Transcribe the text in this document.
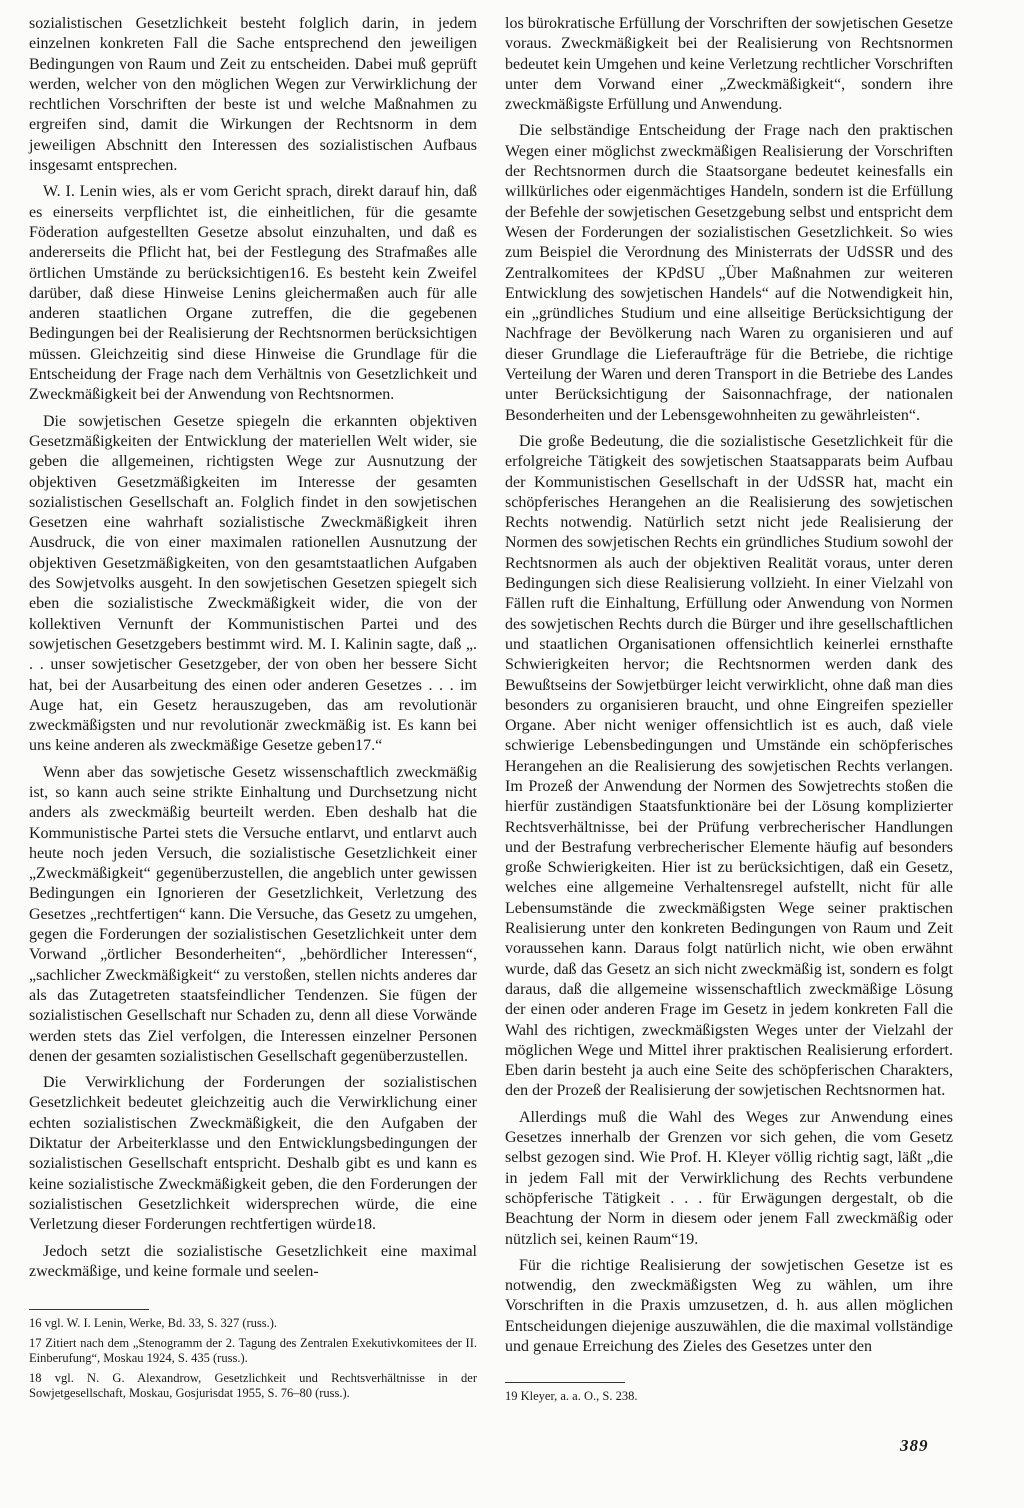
sozialistischen Gesetzlichkeit besteht folglich darin, in jedem einzelnen konkreten Fall die Sache entsprechend den jeweiligen Bedingungen von Raum und Zeit zu entscheiden. Dabei muß geprüft werden, welcher von den möglichen Wegen zur Verwirklichung der rechtlichen Vorschriften der beste ist und welche Maßnahmen zu ergreifen sind, damit die Wirkungen der Rechtsnorm in dem jeweiligen Abschnitt den Interessen des sozialistischen Aufbaus insgesamt entsprechen.

W. I. Lenin wies, als er vom Gericht sprach, direkt darauf hin, daß es einerseits verpflichtet ist, die einheitlichen, für die gesamte Föderation aufgestellten Gesetze absolut einzuhalten, und daß es andererseits die Pflicht hat, bei der Festlegung des Strafmaßes alle örtlichen Umstände zu berücksichtigen16. Es besteht kein Zweifel darüber, daß diese Hinweise Lenins gleichermaßen auch für alle anderen staatlichen Organe zutreffen, die die gegebenen Bedingungen bei der Realisierung der Rechtsnormen berücksichtigen müssen. Gleichzeitig sind diese Hinweise die Grundlage für die Entscheidung der Frage nach dem Verhältnis von Gesetzlichkeit und Zweckmäßigkeit bei der Anwendung von Rechtsnormen.

Die sowjetischen Gesetze spiegeln die erkannten objektiven Gesetzmäßigkeiten der Entwicklung der materiellen Welt wider, sie geben die allgemeinen, richtigsten Wege zur Ausnutzung der objektiven Gesetzmäßigkeiten im Interesse der gesamten sozialistischen Gesellschaft an. Folglich findet in den sowjetischen Gesetzen eine wahrhaft sozialistische Zweckmäßigkeit ihren Ausdruck, die von einer maximalen rationellen Ausnutzung der objektiven Gesetzmäßigkeiten, von den gesamtstaatlichen Aufgaben des Sowjetvolks ausgeht. In den sowjetischen Gesetzen spiegelt sich eben die sozialistische Zweckmäßigkeit wider, die von der kollektiven Vernunft der Kommunistischen Partei und des sowjetischen Gesetzgebers bestimmt wird. M. I. Kalinin sagte, daß „. . . unser sowjetischer Gesetzgeber, der von oben her bessere Sicht hat, bei der Ausarbeitung des einen oder anderen Gesetzes . . . im Auge hat, ein Gesetz herauszugeben, das am revolutionär zweckmäßigsten und nur revolutionär zweckmäßig ist. Es kann bei uns keine anderen als zweckmäßige Gesetze geben17.“

Wenn aber das sowjetische Gesetz wissenschaftlich zweckmäßig ist, so kann auch seine strikte Einhaltung und Durchsetzung nicht anders als zweckmäßig beurteilt werden. Eben deshalb hat die Kommunistische Partei stets die Versuche entlarvt, und entlarvt auch heute noch jeden Versuch, die sozialistische Gesetzlichkeit einer „Zweckmäßigkeit“ gegenüberzustellen, die angeblich unter gewissen Bedingungen ein Ignorieren der Gesetzlichkeit, Verletzung des Gesetzes „rechtfertigen“ kann. Die Versuche, das Gesetz zu umgehen, gegen die Forderungen der sozialistischen Gesetzlichkeit unter dem Vorwand „örtlicher Besonderheiten“, „behördlicher Interessen“, „sachlicher Zweckmäßigkeit“ zu verstoßen, stellen nichts anderes dar als das Zutagetreten staatsfeindlicher Tendenzen. Sie fügen der sozialistischen Gesellschaft nur Schaden zu, denn all diese Vorwände werden stets das Ziel verfolgen, die Interessen einzelner Personen denen der gesamten sozialistischen Gesellschaft gegenüberzustellen.

Die Verwirklichung der Forderungen der sozialistischen Gesetzlichkeit bedeutet gleichzeitig auch die Verwirklichung einer echten sozialistischen Zweckmäßigkeit, die den Aufgaben der Diktatur der Arbeiterklasse und den Entwicklungsbedingungen der sozialistischen Gesellschaft entspricht. Deshalb gibt es und kann es keine sozialistische Zweckmäßigkeit geben, die den Forderungen der sozialistischen Gesetzlichkeit widersprechen würde, die eine Verletzung dieser Forderungen rechtfertigen würde18.

Jedoch setzt die sozialistische Gesetzlichkeit eine maximal zweckmäßige, und keine formale und seelen-

16 vgl. W. I. Lenin, Werke, Bd. 33, S. 327 (russ.).

17 Zitiert nach dem „Stenogramm der 2. Tagung des Zentralen Exekutivkomitees der II. Einberufung“, Moskau 1924, S. 435 (russ.).

18 vgl. N. G. Alexandrow, Gesetzlichkeit und Rechtsverhältnisse in der Sowjetgesellschaft, Moskau, Gosjurisdat 1955, S. 76–80 (russ.).

los bürokratische Erfüllung der Vorschriften der sowjetischen Gesetze voraus. Zweckmäßigkeit bei der Realisierung von Rechtsnormen bedeutet kein Umgehen und keine Verletzung rechtlicher Vorschriften unter dem Vorwand einer „Zweckmäßigkeit“, sondern ihre zweckmäßigste Erfüllung und Anwendung.

Die selbständige Entscheidung der Frage nach den praktischen Wegen einer möglichst zweckmäßigen Realisierung der Vorschriften der Rechtsnormen durch die Staatsorgane bedeutet keinesfalls ein willkürliches oder eigenmächtiges Handeln, sondern ist die Erfüllung der Befehle der sowjetischen Gesetzgebung selbst und entspricht dem Wesen der Forderungen der sozialistischen Gesetzlichkeit. So wies zum Beispiel die Verordnung des Ministerrats der UdSSR und des Zentralkomitees der KPdSU „Über Maßnahmen zur weiteren Entwicklung des sowjetischen Handels“ auf die Notwendigkeit hin, ein „gründliches Studium und eine allseitige Berücksichtigung der Nachfrage der Bevölkerung nach Waren zu organisieren und auf dieser Grundlage die Lieferaufträge für die Betriebe, die richtige Verteilung der Waren und deren Transport in die Betriebe des Landes unter Berücksichtigung der Saisonnachfrage, der nationalen Besonderheiten und der Lebensgewohnheiten zu gewährleisten“.

Die große Bedeutung, die die sozialistische Gesetzlichkeit für die erfolgreiche Tätigkeit des sowjetischen Staatsapparats beim Aufbau der Kommunistischen Gesellschaft in der UdSSR hat, macht ein schöpferisches Herangehen an die Realisierung des sowjetischen Rechts notwendig. Natürlich setzt nicht jede Realisierung der Normen des sowjetischen Rechts ein gründliches Studium sowohl der Rechtsnormen als auch der objektiven Realität voraus, unter deren Bedingungen sich diese Realisierung vollzieht. In einer Vielzahl von Fällen ruft die Einhaltung, Erfüllung oder Anwendung von Normen des sowjetischen Rechts durch die Bürger und ihre gesellschaftlichen und staatlichen Organisationen offensichtlich keinerlei ernsthafte Schwierigkeiten hervor; die Rechtsnormen werden dank des Bewußtseins der Sowjetbürger leicht verwirklicht, ohne daß man dies besonders zu organisieren braucht, und ohne Eingreifen spezieller Organe. Aber nicht weniger offensichtlich ist es auch, daß viele schwierige Lebensbedingungen und Umstände ein schöpferisches Herangehen an die Realisierung des sowjetischen Rechts verlangen. Im Prozeß der Anwendung der Normen des Sowjetrechts stoßen die hierfür zuständigen Staatsfunktionäre bei der Lösung komplizierter Rechtsverhältnisse, bei der Prüfung verbrecherischer Handlungen und der Bestrafung verbrecherischer Elemente häufig auf besonders große Schwierigkeiten. Hier ist zu berücksichtigen, daß ein Gesetz, welches eine allgemeine Verhaltensregel aufstellt, nicht für alle Lebensumstände die zweckmäßigsten Wege seiner praktischen Realisierung unter den konkreten Bedingungen von Raum und Zeit voraussehen kann. Daraus folgt natürlich nicht, wie oben erwähnt wurde, daß das Gesetz an sich nicht zweckmäßig ist, sondern es folgt daraus, daß die allgemeine wissenschaftlich zweckmäßige Lösung der einen oder anderen Frage im Gesetz in jedem konkreten Fall die Wahl des richtigen, zweckmäßigsten Weges unter der Vielzahl der möglichen Wege und Mittel ihrer praktischen Realisierung erfordert. Eben darin besteht ja auch eine Seite des schöpferischen Charakters, den der Prozeß der Realisierung der sowjetischen Rechtsnormen hat.

Allerdings muß die Wahl des Weges zur Anwendung eines Gesetzes innerhalb der Grenzen vor sich gehen, die vom Gesetz selbst gezogen sind. Wie Prof. H. Kleyer völlig richtig sagt, läßt „die in jedem Fall mit der Verwirklichung des Rechts verbundene schöpferische Tätigkeit . . . für Erwägungen dergestalt, ob die Beachtung der Norm in diesem oder jenem Fall zweckmäßig oder nützlich sei, keinen Raum“19.

Für die richtige Realisierung der sowjetischen Gesetze ist es notwendig, den zweckmäßigsten Weg zu wählen, um ihre Vorschriften in die Praxis umzusetzen, d. h. aus allen möglichen Entscheidungen diejenige auszuwählen, die die maximal vollständige und genaue Erreichung des Zieles des Gesetzes unter den

19 Kleyer, a. a. O., S. 238.

389
